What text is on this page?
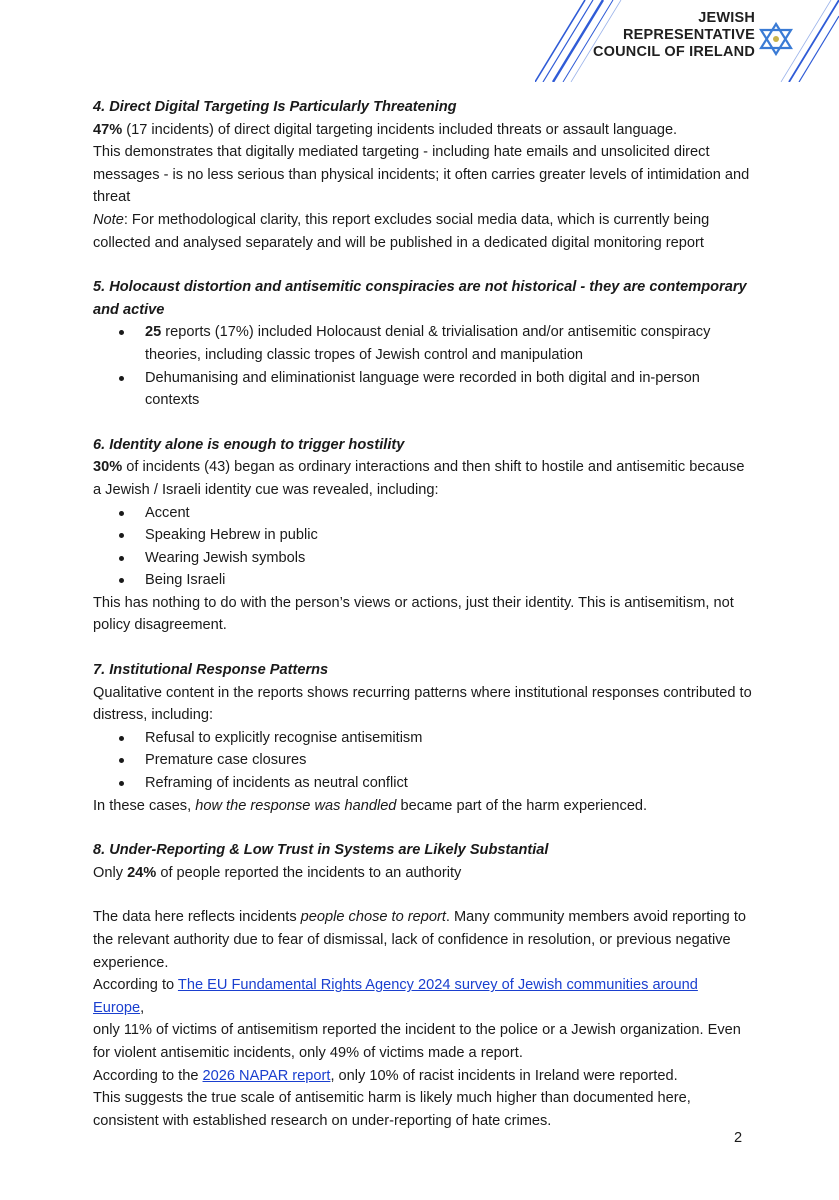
JEWISH
REPRESENTATIVE
COUNCIL OF IRELAND

4. Direct Digital Targeting Is Particularly Threatening

47% (17 incidents) of direct digital targeting incidents included threats or assault language.

This demonstrates that digitally mediated targeting - including hate emails and unsolicited direct messages - is no less serious than physical incidents; it often carries greater levels of intimidation and threat

Note: For methodological clarity, this report excludes social media data, which is currently being collected and analysed separately and will be published in a dedicated digital monitoring report

5. Holocaust distortion and antisemitic conspiracies are not historical - they are contemporary and active

25 reports (17%) included Holocaust denial & trivialisation and/or antisemitic conspiracy theories, including classic tropes of Jewish control and manipulation
Dehumanising and eliminationist language were recorded in both digital and in-person contexts

6. Identity alone is enough to trigger hostility

30% of incidents (43) began as ordinary interactions and then shift to hostile and antisemitic because a Jewish / Israeli identity cue was revealed, including:

Accent
Speaking Hebrew in public
Wearing Jewish symbols
Being Israeli

This has nothing to do with the person’s views or actions, just their identity. This is antisemitism, not policy disagreement.

7. Institutional Response Patterns

Qualitative content in the reports shows recurring patterns where institutional responses contributed to distress, including:

Refusal to explicitly recognise antisemitism
Premature case closures
Reframing of incidents as neutral conflict

In these cases, how the response was handled became part of the harm experienced.

8. Under-Reporting & Low Trust in Systems are Likely Substantial

Only 24% of people reported the incidents to an authority

The data here reflects incidents people chose to report. Many community members avoid reporting to the relevant authority due to fear of dismissal, lack of confidence in resolution, or previous negative experience.

According to The EU Fundamental Rights Agency 2024 survey of Jewish communities around Europe,
only 11% of victims of antisemitism reported the incident to the police or a Jewish organization. Even for violent antisemitic incidents, only 49% of victims made a report.

According to the 2026 NAPAR report, only 10% of racist incidents in Ireland were reported.

This suggests the true scale of antisemitic harm is likely much higher than documented here, consistent with established research on under-reporting of hate crimes.

2
